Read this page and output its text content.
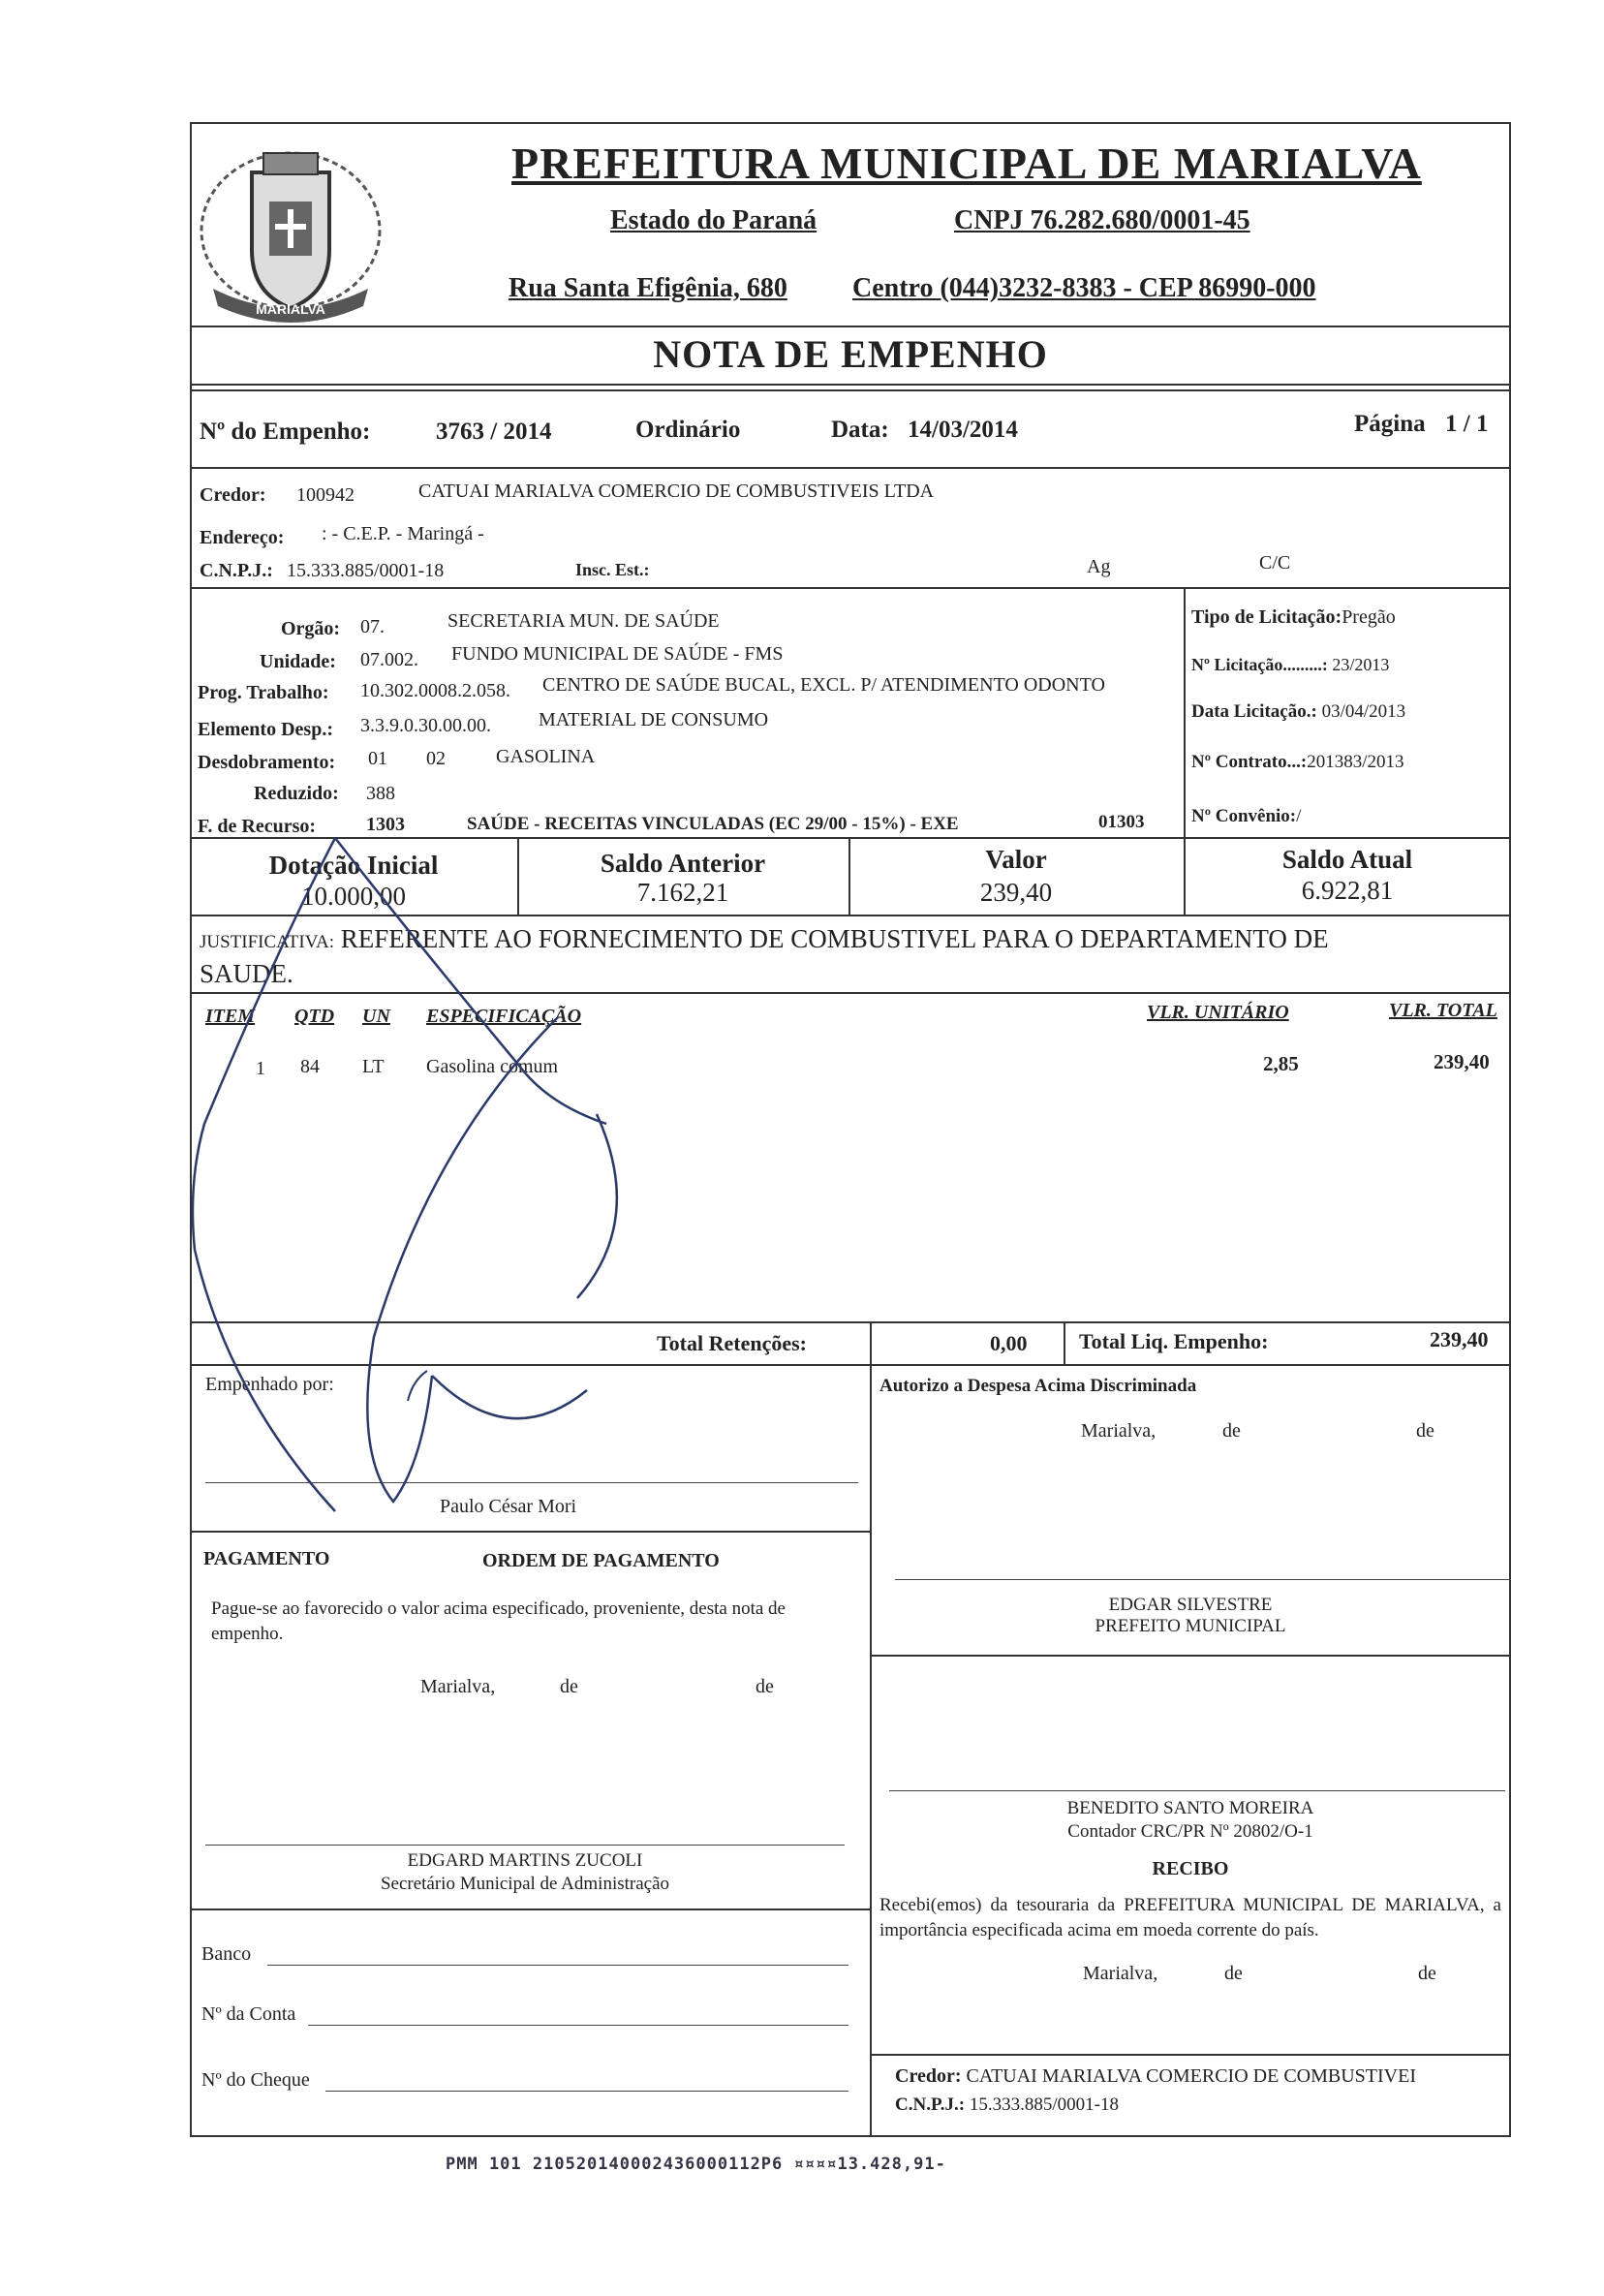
MARIALVA
PREFEITURA MUNICIPAL DE MARIALVA
Estado do Paraná	CNPJ 76.282.680/0001-45
Rua Santa Efigênia, 680 Centro (044)3232-8383 - CEP 86990-000
NOTA DE EMPENHO
Nº do Empenho:	3763 / 2014	Ordinário	Data: 14/03/2014	Página 1 / 1
Credor: 100942	CATUAI MARIALVA COMERCIO DE COMBUSTIVEIS LTDA
Endereço: : - C.E.P. - Maringá -
C.N.P.J.: 15.333.885/0001-18	Insc. Est.:	Ag	C/C
Orgão: 07.	SECRETARIA MUN. DE SAÚDE
Unidade: 07.002. FUNDO MUNICIPAL DE SAÚDE - FMS
Prog. Trabalho: 10.302.0008.2.058. CENTRO DE SAÚDE BUCAL, EXCL. P/ ATENDIMENTO ODONTO
Elemento Desp.: 3.3.9.0.30.00.00. MATERIAL DE CONSUMO
Desdobramento: 01 02	GASOLINA
Reduzido: 388
F. de Recurso:	1303	SAÚDE - RECEITAS VINCULADAS (EC 29/00 - 15%) - EXE	01303
Tipo de Licitação:Pregão
Nº Licitação.........: 23/2013
Data Licitação.: 03/04/2013
Nº Contrato...:201383/2013
Nº Convênio:/
Dotação Inicial
10.000,00
Saldo Anterior
7.162,21
Valor
239,40
Saldo Atual
6.922,81
JUSTIFICATIVA: REFERENTE AO FORNECIMENTO DE COMBUSTIVEL PARA O DEPARTAMENTO DE
SAUDE.
ITEM QTD UN ESPECIFICAÇÃO	VLR. UNITÁRIO	VLR. TOTAL
1 84 LT Gasolina comum	2,85	239,40
Total Retenções:	0,00 Total Liq. Empenho:	239,40
Empenhado por:
Paulo César Mori
Autorizo a Despesa Acima Discriminada
Marialva,	de	de
PAGAMENTO	ORDEM DE PAGAMENTO
Pague-se ao favorecido o valor acima especificado, proveniente, desta nota de empenho.
Marialva,	de	de
EDGARD MARTINS ZUCOLI
Secretário Municipal de Administração
EDGAR SILVESTRE
PREFEITO MUNICIPAL
BENEDITO SANTO MOREIRA
Contador CRC/PR Nº 20802/O-1
RECIBO
Recebi(emos) da tesouraria da PREFEITURA MUNICIPAL DE MARIALVA, a importância especificada acima em moeda corrente do país.
Marialva,	de	de
Credor: CATUAI MARIALVA COMERCIO DE COMBUSTIVEI
C.N.P.J.: 15.333.885/0001-18
Banco
Nº da Conta
Nº do Cheque
PMM 101 210520140002436000112P6 ¤¤¤¤13.428,91-
